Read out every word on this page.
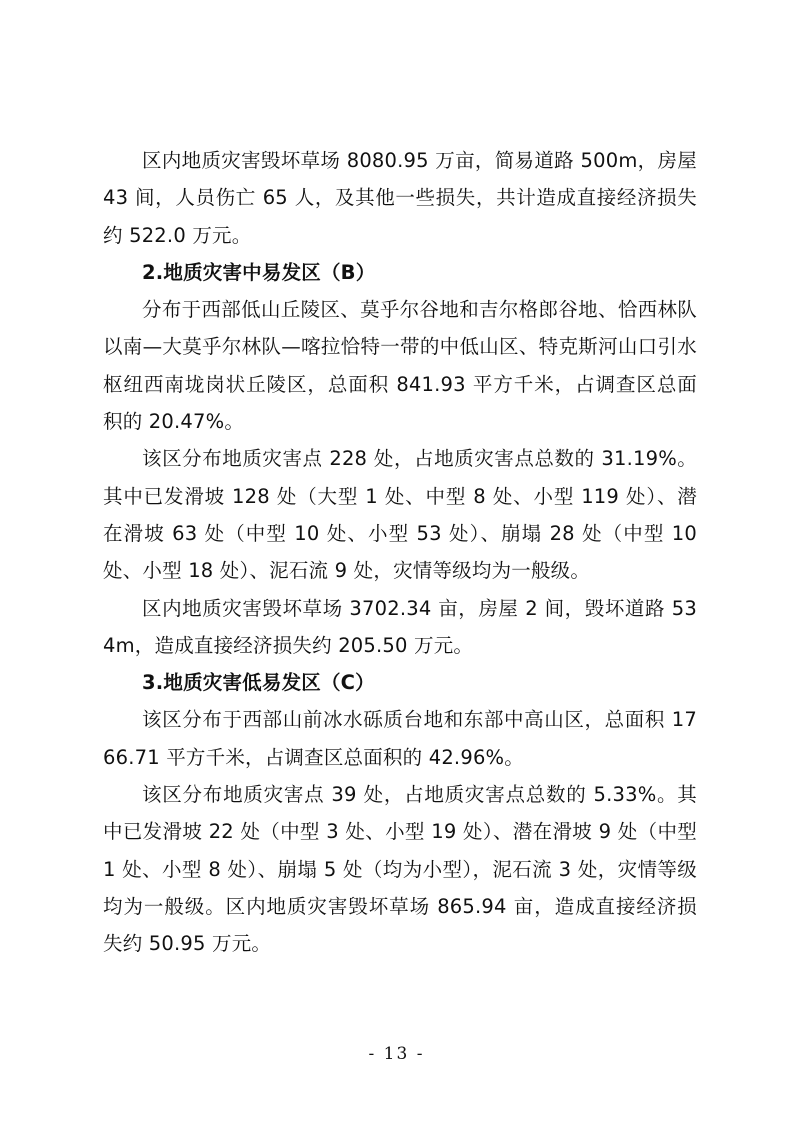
区内地质灾害毁坏草场 8080.95 万亩，简易道路 500m，房屋 43 间，人员伤亡 65 人，及其他一些损失，共计造成直接经济损失约 522.0 万元。

2.地质灾害中易发区（B）

分布于西部低山丘陵区、莫乎尔谷地和吉尔格郎谷地、恰西林队以南—大莫乎尔林队—喀拉恰特一带的中低山区、特克斯河山口引水枢纽西南垅岗状丘陵区，总面积 841.93 平方千米，占调查区总面积的 20.47%。

该区分布地质灾害点 228 处，占地质灾害点总数的 31.19%。其中已发滑坡 128 处（大型 1 处、中型 8 处、小型 119 处）、潜在滑坡 63 处（中型 10 处、小型 53 处）、崩塌 28 处（中型 10 处、小型 18 处）、泥石流 9 处，灾情等级均为一般级。

区内地质灾害毁坏草场 3702.34 亩，房屋 2 间，毁坏道路 534m，造成直接经济损失约 205.50 万元。

3.地质灾害低易发区（C）

该区分布于西部山前冰水砾质台地和东部中高山区，总面积 1766.71 平方千米，占调查区总面积的 42.96%。

该区分布地质灾害点 39 处，占地质灾害点总数的 5.33%。其中已发滑坡 22 处（中型 3 处、小型 19 处）、潜在滑坡 9 处（中型 1 处、小型 8 处）、崩塌 5 处（均为小型），泥石流 3 处，灾情等级均为一般级。区内地质灾害毁坏草场 865.94 亩，造成直接经济损失约 50.95 万元。

- 13 -
